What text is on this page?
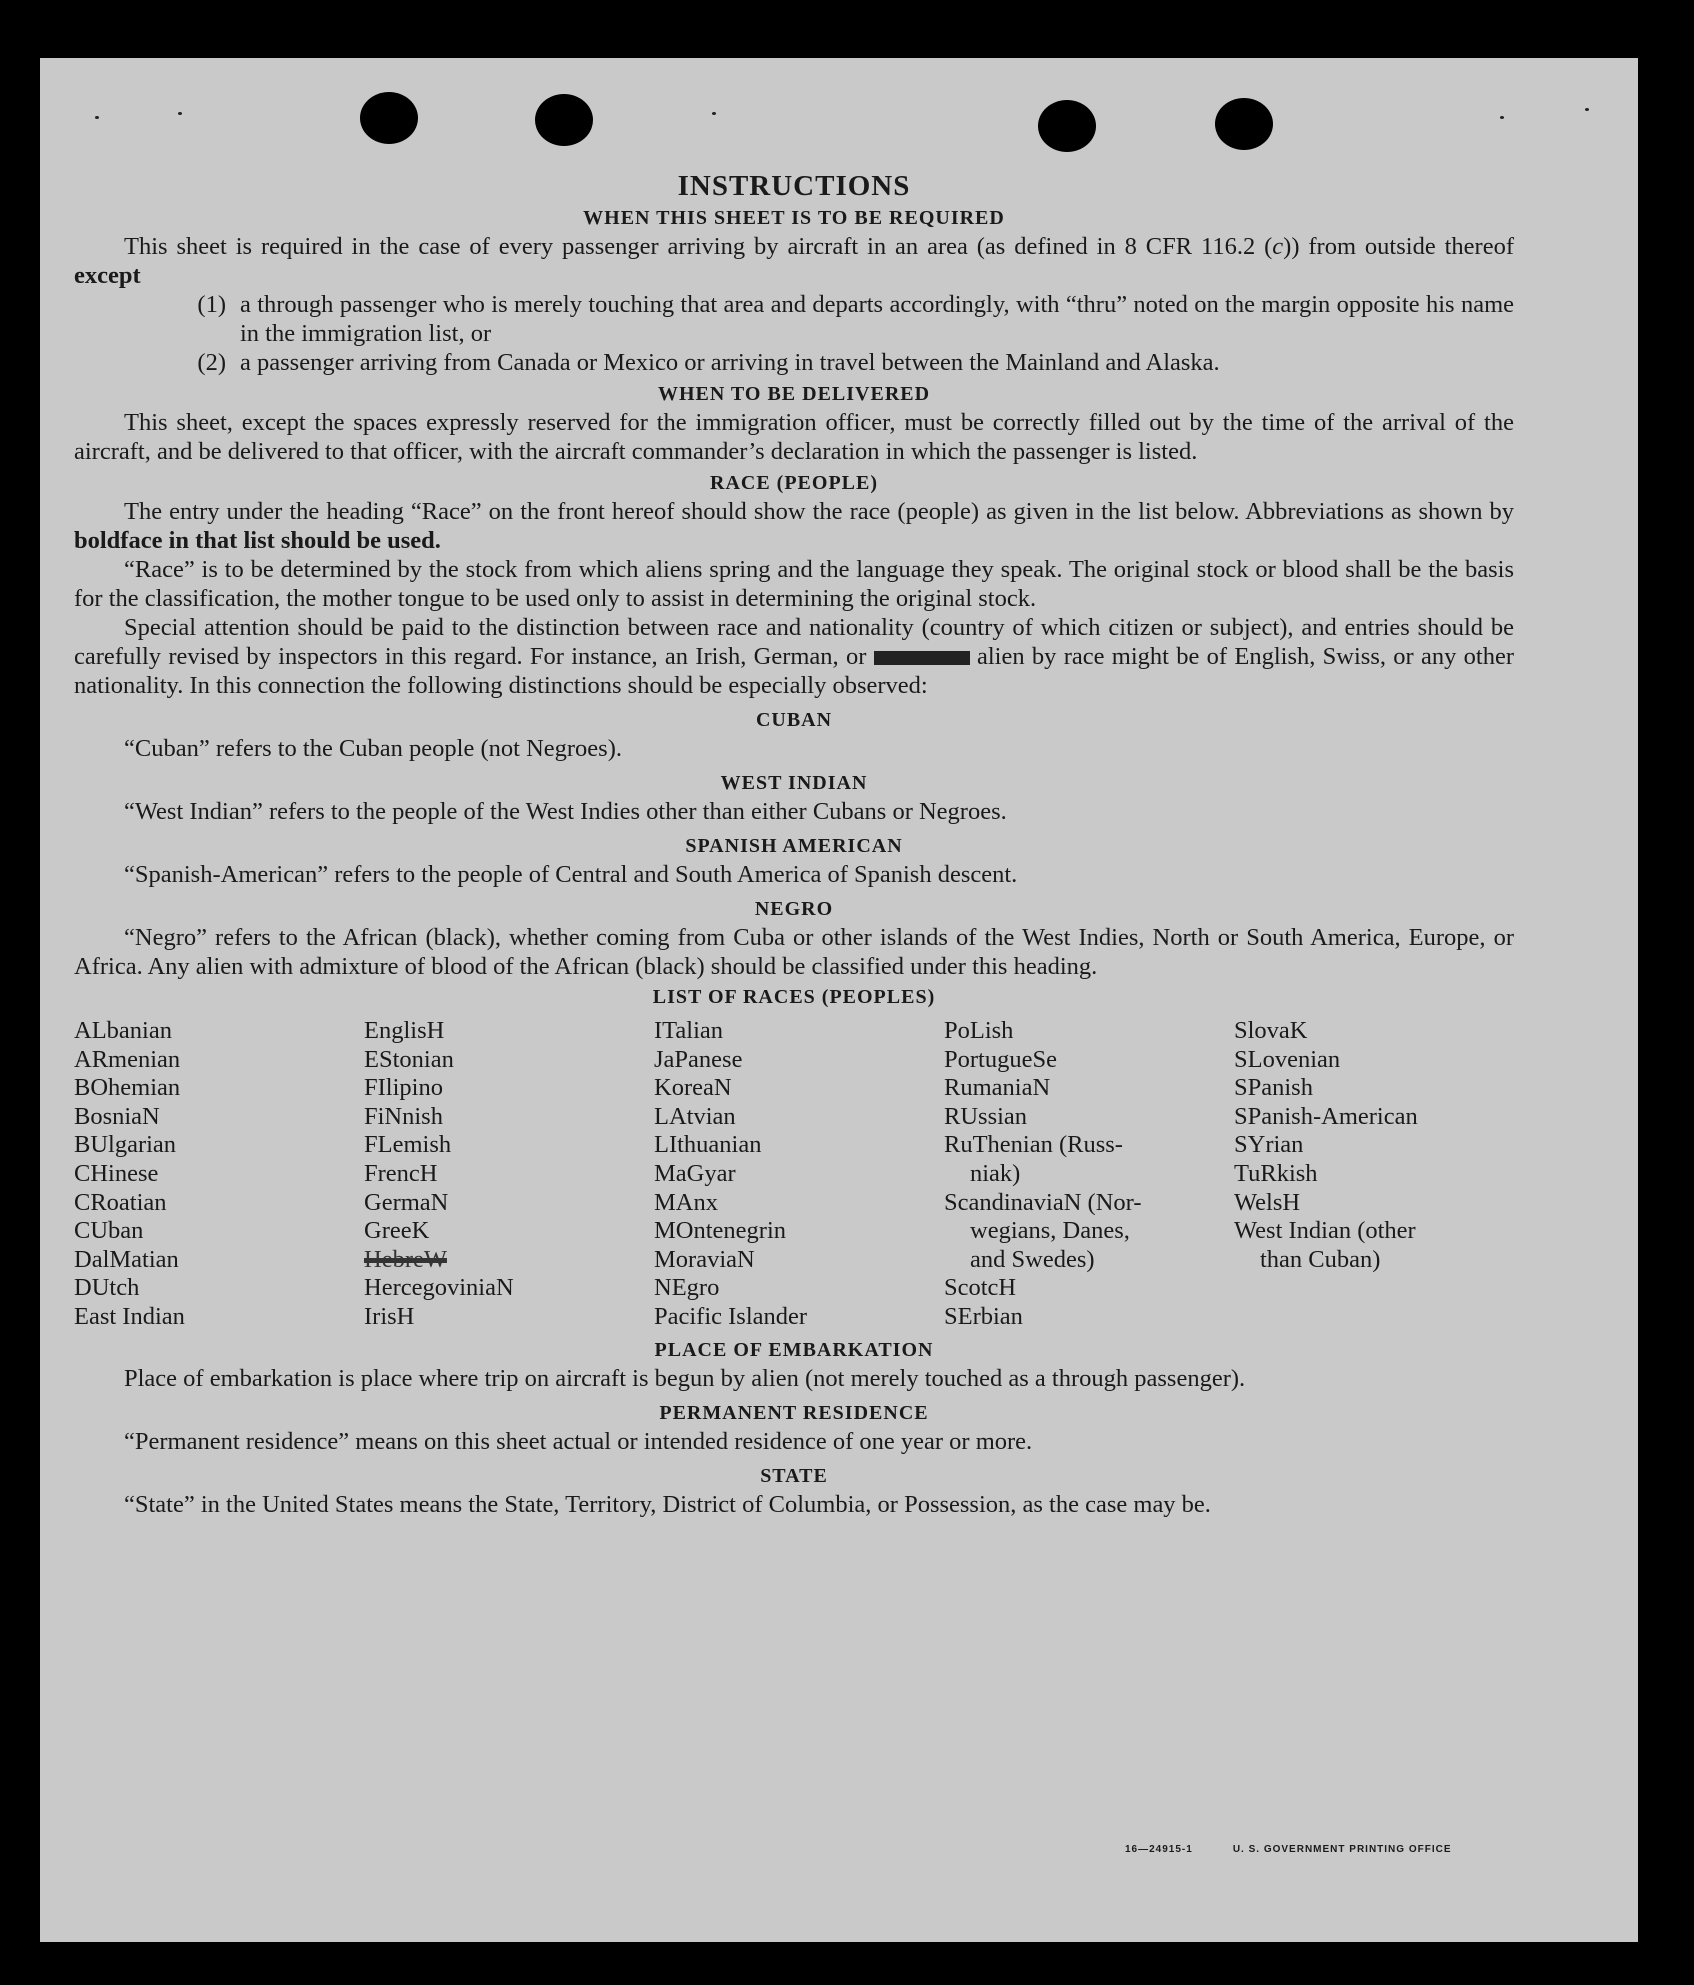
INSTRUCTIONS
WHEN THIS SHEET IS TO BE REQUIRED

This sheet is required in the case of every passenger arriving by aircraft in an area (as defined in 8 CFR 116.2 (c)) from outside thereof except

(1) a through passenger who is merely touching that area and departs accordingly, with “thru” noted on the margin opposite his name in the immigration list, or
(2) a passenger arriving from Canada or Mexico or arriving in travel between the Mainland and Alaska.
WHEN TO BE DELIVERED

This sheet, except the spaces expressly reserved for the immigration officer, must be correctly filled out by the time of the arrival of the aircraft, and be delivered to that officer, with the aircraft commander’s declaration in which the passenger is listed.

RACE (PEOPLE)

The entry under the heading “Race” on the front hereof should show the race (people) as given in the list below. Abbreviations as shown by boldface in that list should be used.

“Race” is to be determined by the stock from which aliens spring and the language they speak. The original stock or blood shall be the basis for the classification, the mother tongue to be used only to assist in determining the original stock.

Special attention should be paid to the distinction between race and nationality (country of which citizen or subject), and entries should be carefully revised by inspectors in this regard. For instance, an Irish, German, or	alien by race might be of English, Swiss, or any other nationality. In this connection the following distinctions should be especially observed:

CUBAN

“Cuban” refers to the Cuban people (not Negroes).

WEST INDIAN

“West Indian” refers to the people of the West Indies other than either Cubans or Negroes.

SPANISH AMERICAN

“Spanish-American” refers to the people of Central and South America of Spanish descent.

NEGRO

“Negro” refers to the African (black), whether coming from Cuba or other islands of the West Indies, North or South America, Europe, or Africa. Any alien with admixture of blood of the African (black) should be classified under this heading.

LIST OF RACES (PEOPLES)
ALbanian
ARmenian
BOhemian
BosniaN
BUlgarian
CHinese
CRoatian
CUban
DalMatian
DUtch
East Indian
EnglisH
EStonian
FIlipino
FiNnish
FLemish
FrencH
GermaN
GreeK
HebreW
HercegoviniaN
IrisH
ITalian
JaPanese
KoreaN
LAtvian
LIthuanian
MaGyar
MAnx
MOntenegrin
MoraviaN
NEgro
Pacific Islander
PoLish
PortugueSe
RumaniaN
RUssian
RuThenian (Russ-
niak)
ScandinaviaN (Nor-
wegians, Danes,
and Swedes)
ScotcH
SErbian
SlovaK
SLovenian
SPanish
SPanish-American
SYrian
TuRkish
WelsH
West Indian (other
than Cuban)
PLACE OF EMBARKATION

Place of embarkation is place where trip on aircraft is begun by alien (not merely touched as a through passenger).

PERMANENT RESIDENCE

“Permanent residence” means on this sheet actual or intended residence of one year or more.

STATE

“State” in the United States means the State, Territory, District of Columbia, or Possession, as the case may be.

16—24915-1	U. S. GOVERNMENT PRINTING OFFICE
